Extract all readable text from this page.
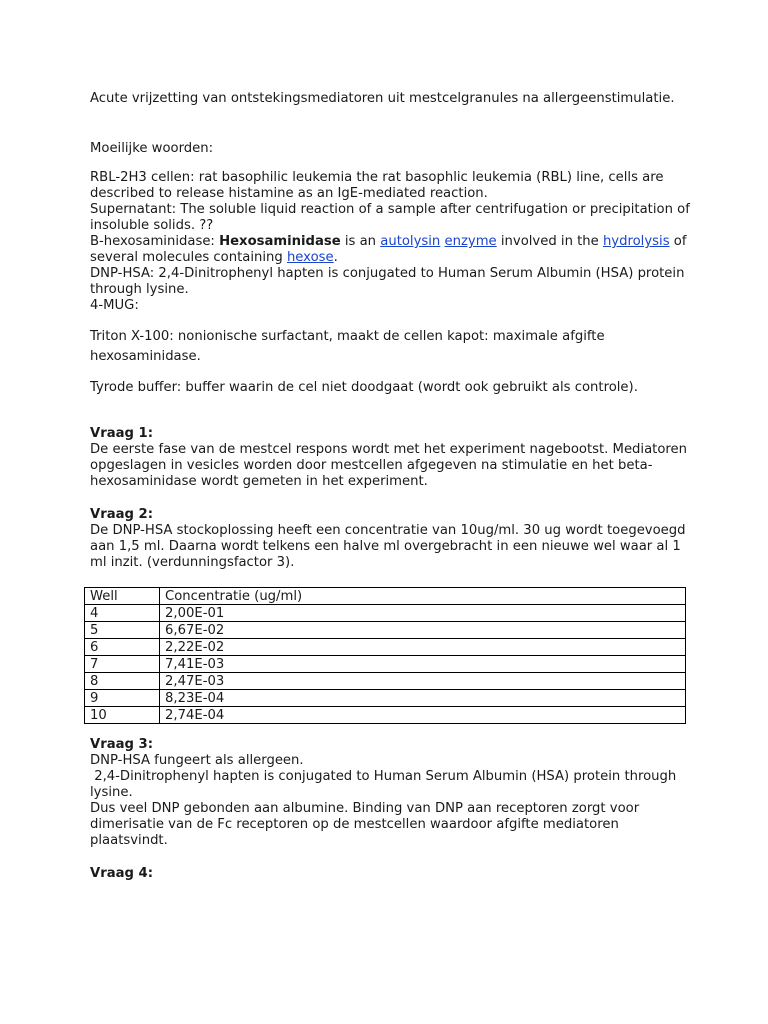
Acute vrijzetting van ontstekingsmediatoren uit mestcelgranules na allergeenstimulatie.
Moeilijke woorden:
RBL-2H3 cellen: rat basophilic leukemia the rat basophlic leukemia (RBL) line, cells are described to release histamine as an IgE-mediated reaction.
Supernatant: The soluble liquid reaction of a sample after centrifugation or precipitation of insoluble solids. ??
B-hexosaminidase: Hexosaminidase is an autolysin enzyme involved in the hydrolysis of several molecules containing hexose.
DNP-HSA: 2,4-Dinitrophenyl hapten is conjugated to Human Serum Albumin (HSA) protein through lysine.
4-MUG:
Triton X-100: nonionische surfactant, maakt de cellen kapot: maximale afgifte hexosaminidase.
Tyrode buffer: buffer waarin de cel niet doodgaat (wordt ook gebruikt als controle).
Vraag 1:
De eerste fase van de mestcel respons wordt met het experiment nagebootst. Mediatoren opgeslagen in vesicles worden door mestcellen afgegeven na stimulatie en het beta-hexosaminidase wordt gemeten in het experiment.
Vraag 2:
De DNP-HSA stockoplossing heeft een concentratie van 10ug/ml. 30 ug wordt toegevoegd aan 1,5 ml. Daarna wordt telkens een halve ml overgebracht in een nieuwe wel waar al 1 ml inzit. (verdunningsfactor 3).
Well	Concentratie (ug/ml)
4	2,00E-01
5	6,67E-02
6	2,22E-02
7	7,41E-03
8	2,47E-03
9	8,23E-04
10	2,74E-04
Vraag 3:
DNP-HSA fungeert als allergeen.
2,4-Dinitrophenyl hapten is conjugated to Human Serum Albumin (HSA) protein through lysine.
Dus veel DNP gebonden aan albumine. Binding van DNP aan receptoren zorgt voor dimerisatie van de Fc receptoren op de mestcellen waardoor afgifte mediatoren plaatsvindt.
Vraag 4:
